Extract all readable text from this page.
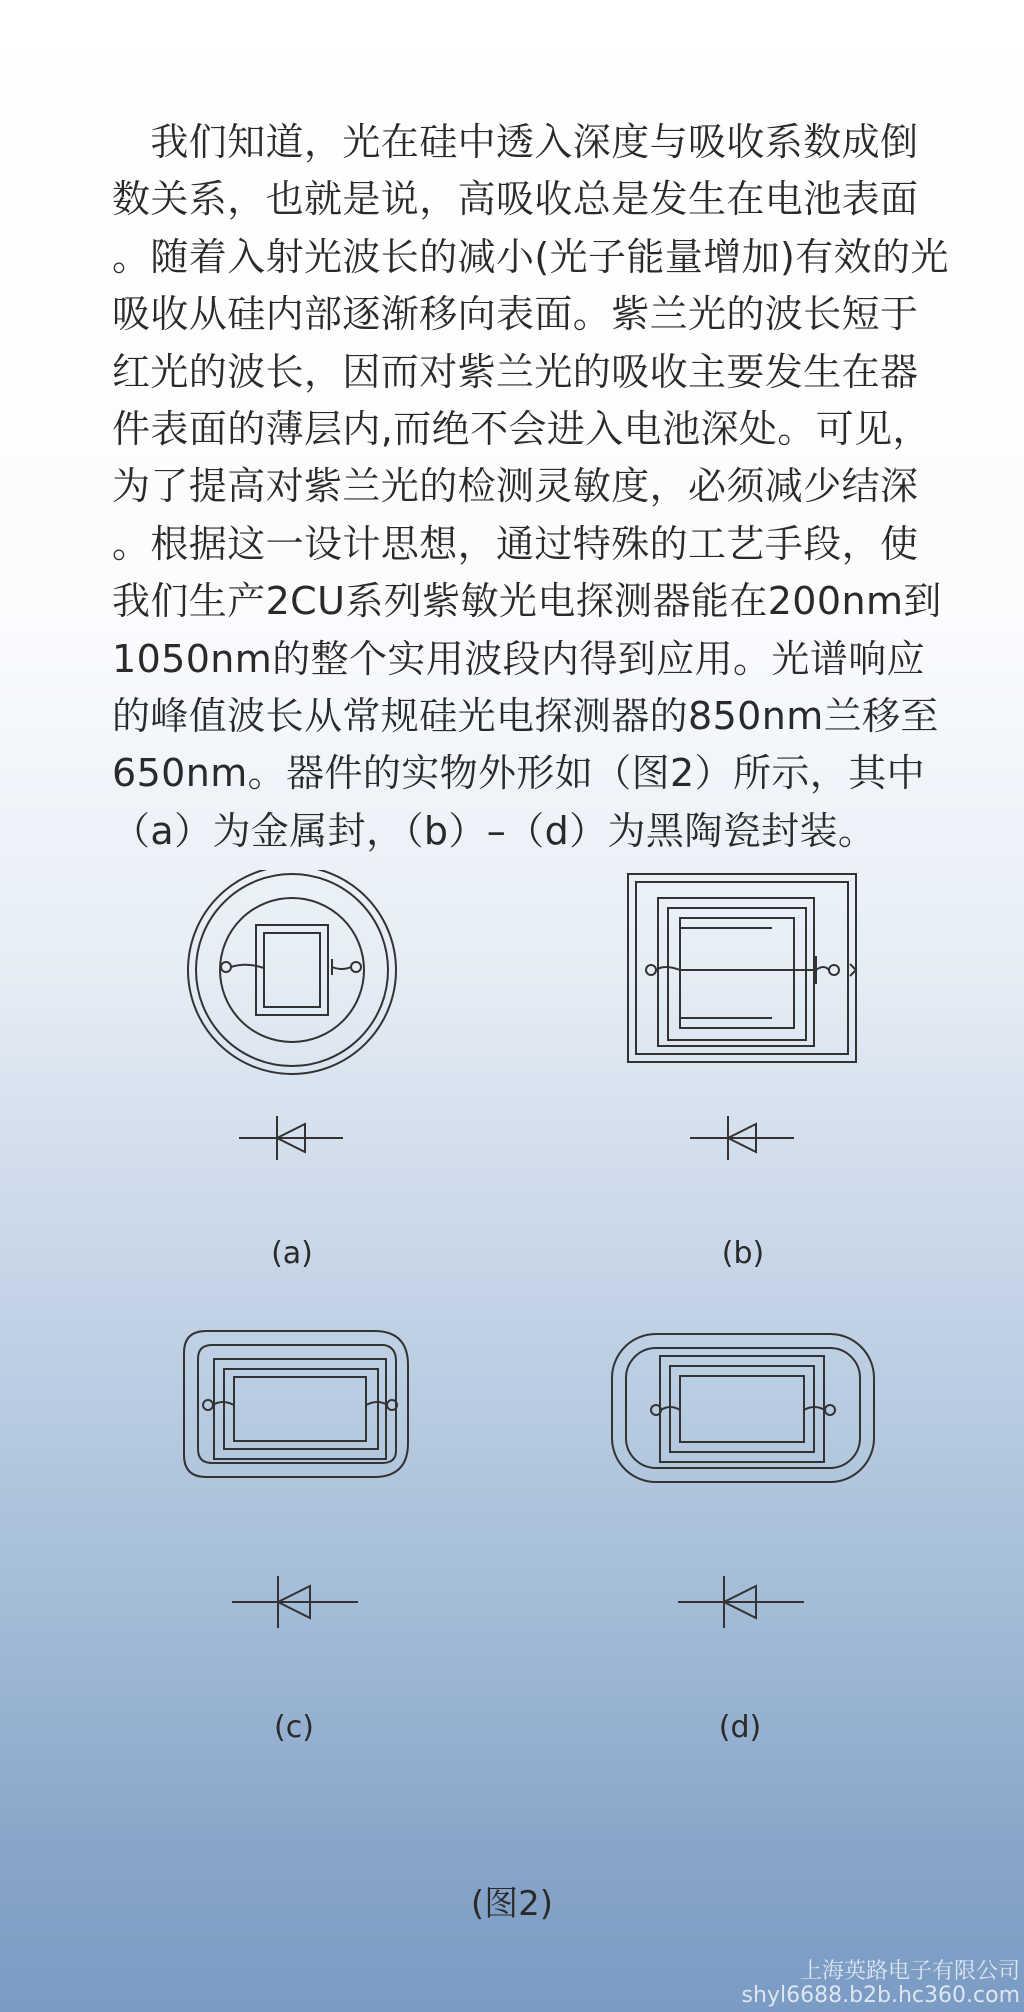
　我们知道，光在硅中透入深度与吸收系数成倒
数关系，也就是说，高吸收总是发生在电池表面
。随着入射光波长的减小(光子能量增加)有效的光
吸收从硅内部逐渐移向表面。紫兰光的波长短于
红光的波长，因而对紫兰光的吸收主要发生在器
件表面的薄层内,而绝不会进入电池深处。可见，
为了提高对紫兰光的检测灵敏度，必须减少结深
。根据这一设计思想，通过特殊的工艺手段，使
我们生产2CU系列紫敏光电探测器能在200nm到
1050nm的整个实用波段内得到应用。光谱响应
的峰值波长从常规硅光电探测器的850nm兰移至
650nm。器件的实物外形如（图2）所示，其中
（a）为金属封，（b）–（d）为黑陶瓷封装。
(a)	(b)
(c)	(d)
(图2)
上海英路电子有限公司
shyl6688.b2b.hc360.com
